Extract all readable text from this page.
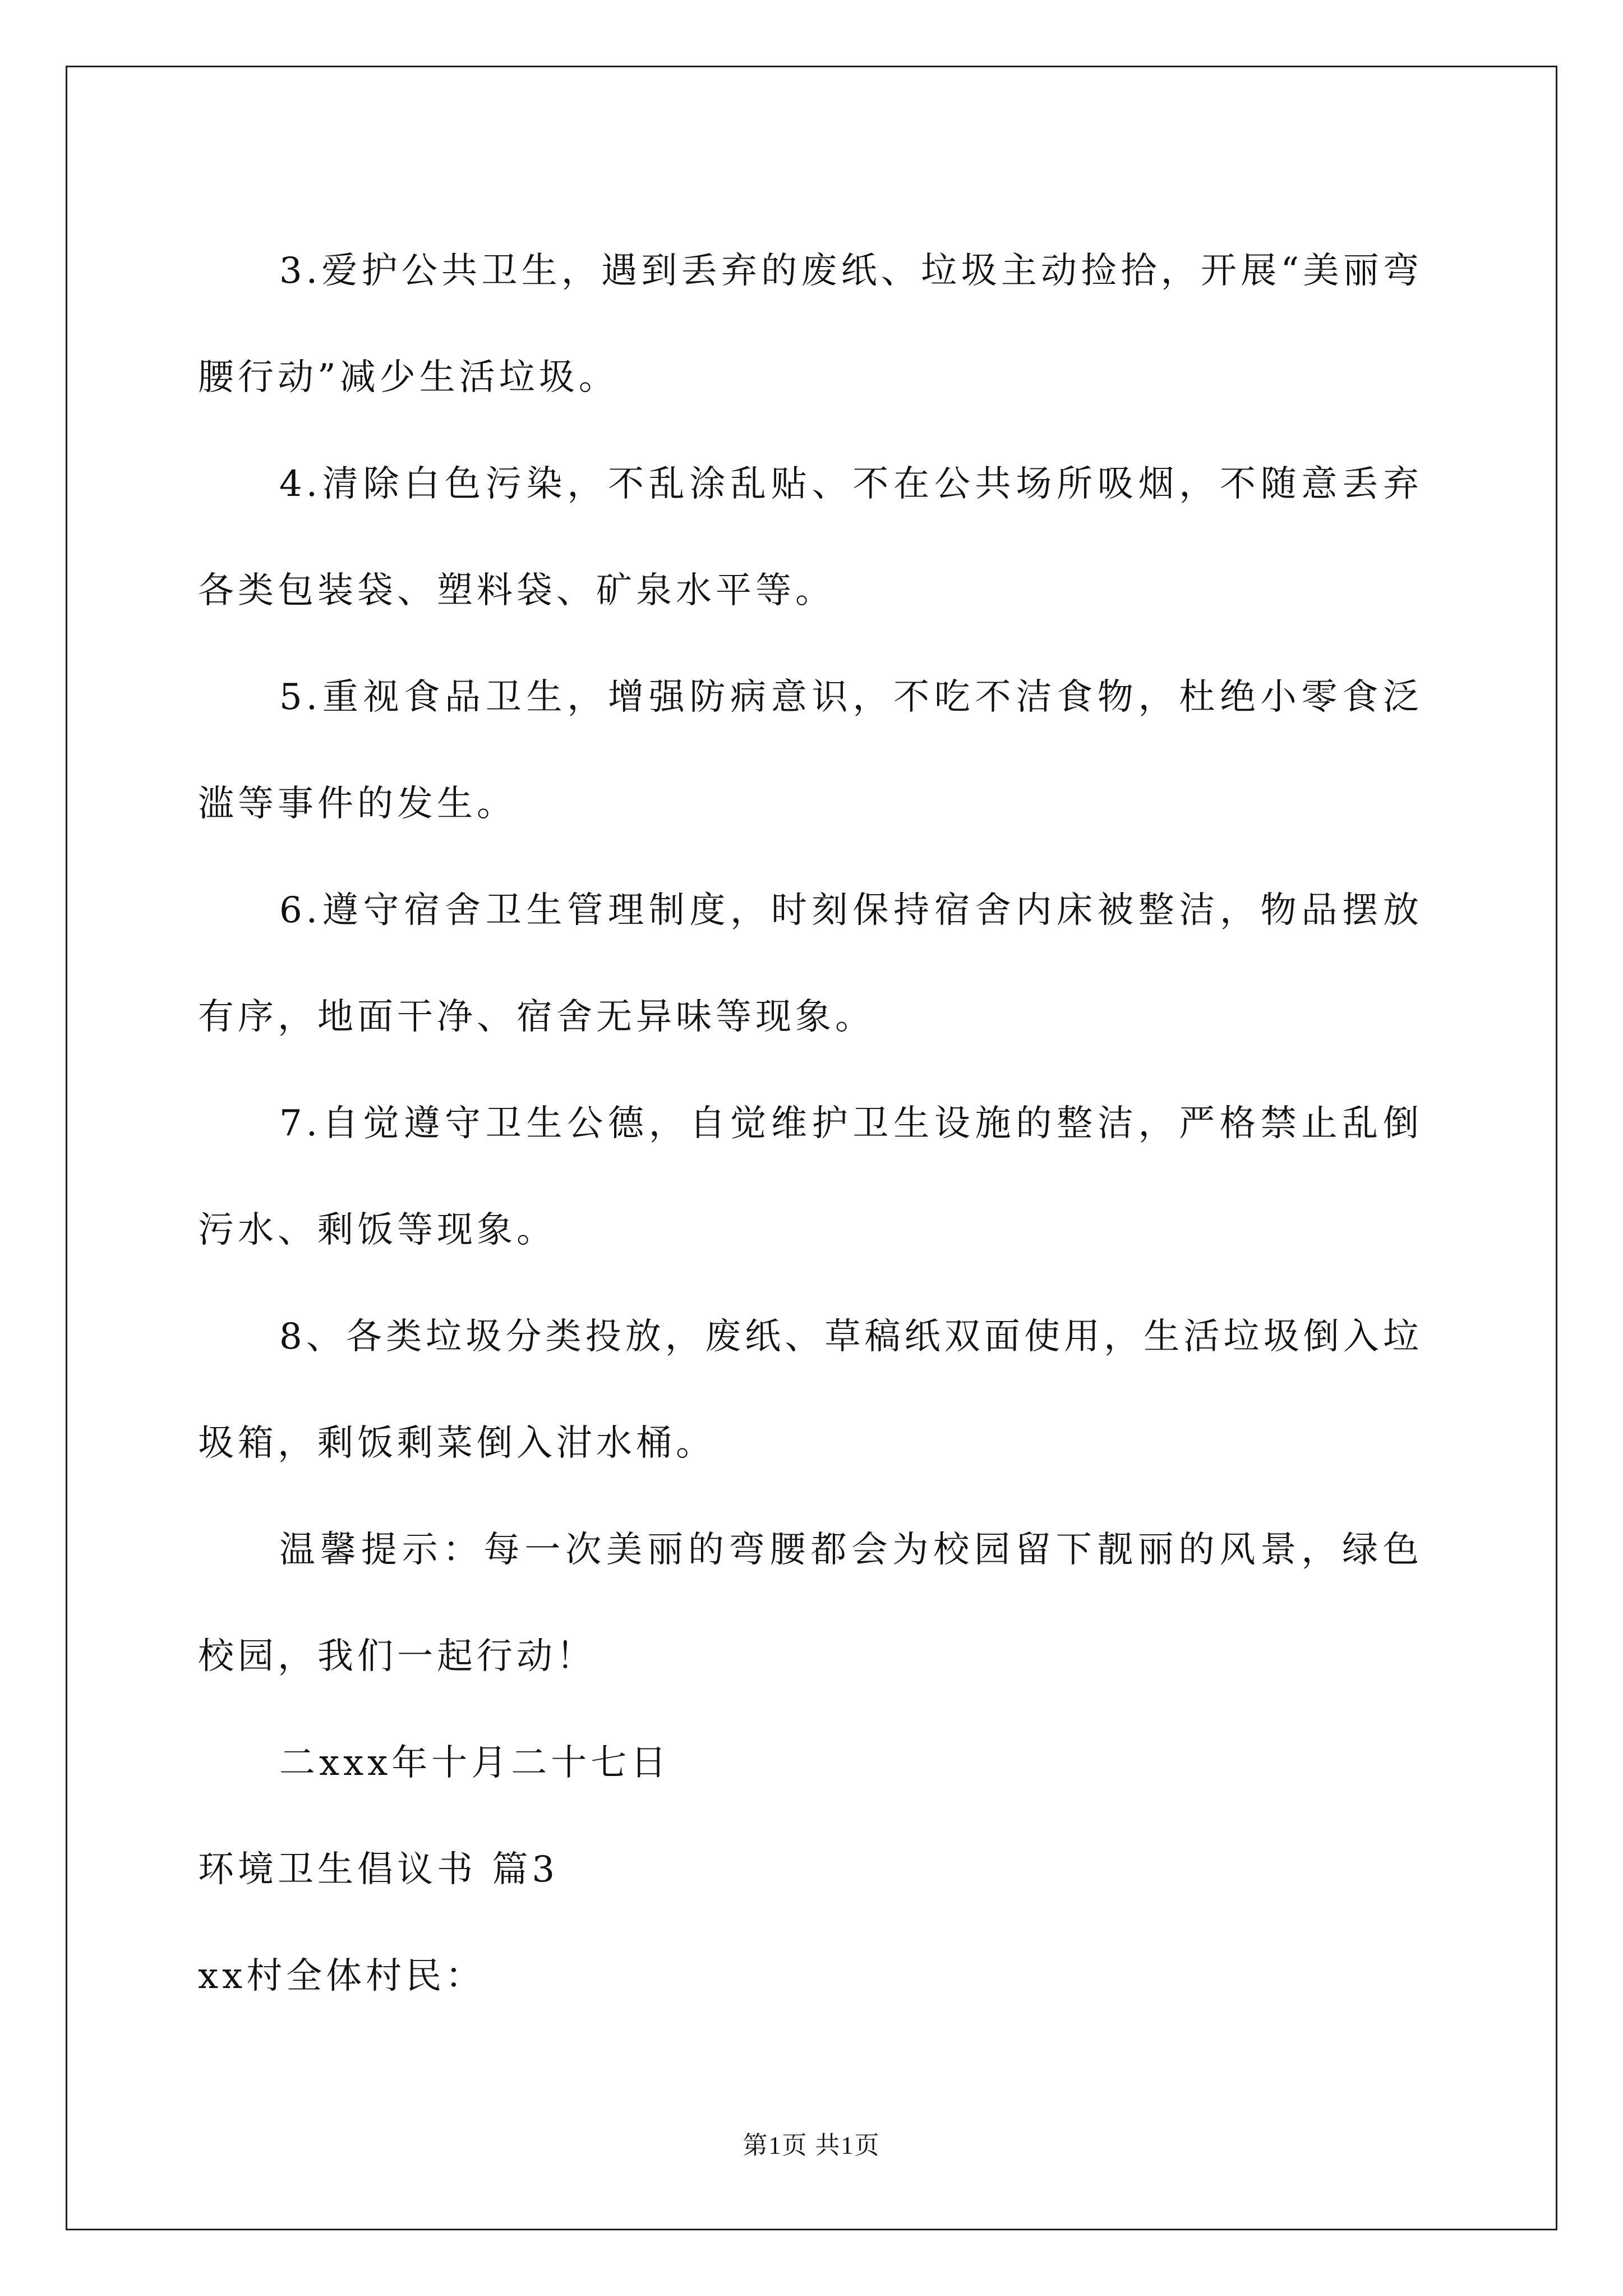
3.爱护公共卫生，遇到丢弃的废纸、垃圾主动捡拾，开展“美丽弯腰行动”减少生活垃圾。

4.清除白色污染，不乱涂乱贴、不在公共场所吸烟，不随意丢弃各类包装袋、塑料袋、矿泉水平等。

5.重视食品卫生，增强防病意识，不吃不洁食物，杜绝小零食泛滥等事件的发生。

6.遵守宿舍卫生管理制度，时刻保持宿舍内床被整洁，物品摆放有序，地面干净、宿舍无异味等现象。

7.自觉遵守卫生公德，自觉维护卫生设施的整洁，严格禁止乱倒污水、剩饭等现象。

8、各类垃圾分类投放，废纸、草稿纸双面使用，生活垃圾倒入垃圾箱，剩饭剩菜倒入泔水桶。

温馨提示：每一次美丽的弯腰都会为校园留下靓丽的风景，绿色校园，我们一起行动！

二xxx年十月二十七日

环境卫生倡议书 篇3

xx村全体村民：

第1页 共1页
